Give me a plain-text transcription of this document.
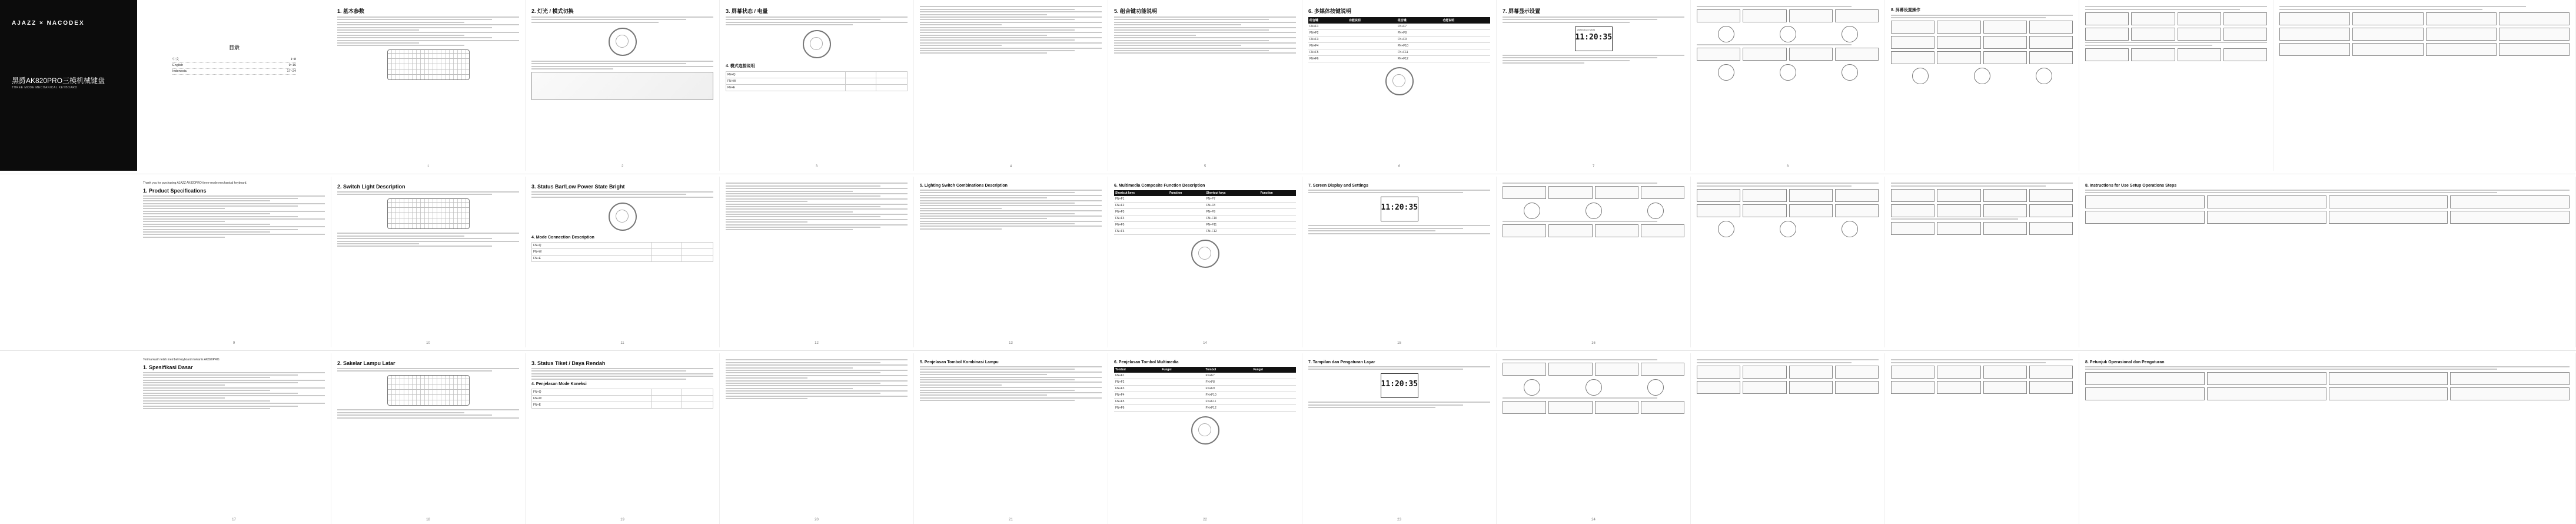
AJAZZ × NACODEX
黑爵AK820PRO三模机械键盘
THREE MODE MECHANICAL KEYBOARD
目录
中文	1~8
English	9~16
Indonesia	17~24
1. 基本参数
1
2. 灯光 / 模式切换
2
3. 屏幕状态 / 电量
4. 模式连接说明
FN+Q		
FN+W		
FN+E		
3	4
5. 组合键功能说明
5
6. 多媒体按键说明
组合键	功能说明	组合键	功能说明
FN+F1		FN+F7	
FN+F2		FN+F8	
FN+F3		FN+F9	
FN+F4		FN+F10	
FN+F5		FN+F11	
FN+F6		FN+F12	
6
7. 屏幕显示设置
2022/01/24 MON
11:20:35
7	8
8. 屏幕设置操作
Thank you for purchasing AJAZZ AK820PRO three-mode mechanical keyboard.
1. Product Specifications
9
2. Switch Light Description
10
3. Status Bar/Low Power State Bright
4. Mode Connection Description
FN+Q		
FN+W		
FN+E		
11	12
5. Lighting Switch Combinations Description
13
6. Multimedia Composite Function Description
Shortcut keys	Function	Shortcut keys	Function
FN+F1		FN+F7	
FN+F2		FN+F8	
FN+F3		FN+F9	
FN+F4		FN+F10	
FN+F5		FN+F11	
FN+F6		FN+F12	
14
7. Screen Display and Settings
11:20:35
15	16
8. Instructions for Use Setup Operations Steps
Terima kasih telah membeli keyboard mekanis AK820PRO.
1. Spesifikasi Dasar
17
2. Sakelar Lampu Latar
18
3. Status Tiket / Daya Rendah
4. Penjelasan Mode Koneksi
FN+Q		
FN+W		
FN+E		
19	20
5. Penjelasan Tombol Kombinasi Lampu
21
6. Penjelasan Tombol Multimedia
Tombol	Fungsi	Tombol	Fungsi
FN+F1		FN+F7	
FN+F2		FN+F8	
FN+F3		FN+F9	
FN+F4		FN+F10	
FN+F5		FN+F11	
FN+F6		FN+F12	
22
7. Tampilan dan Pengaturan Layar
11:20:35
23	24
8. Petunjuk Operasional dan Pengaturan
